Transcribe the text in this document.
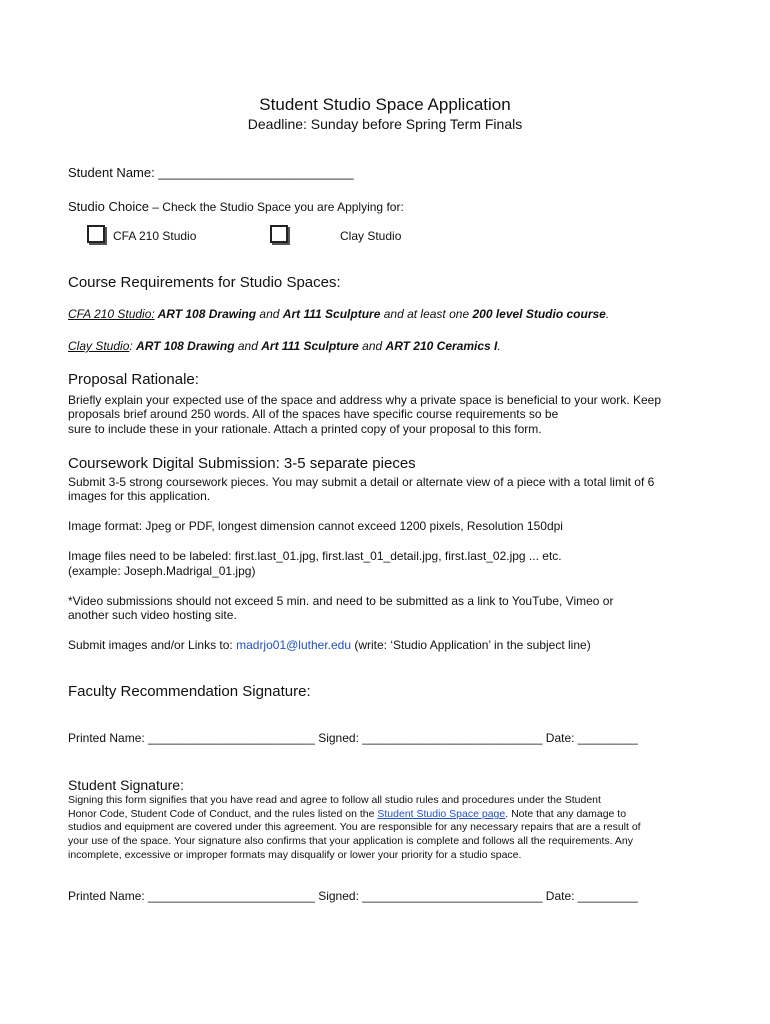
Student Studio Space Application
Deadline: Sunday before Spring Term Finals
Student Name: ___________________________
Studio Choice – Check the Studio Space you are Applying for:
CFA 210 Studio	Clay Studio
Course Requirements for Studio Spaces:
CFA 210 Studio: ART 108 Drawing and Art 111 Sculpture and at least one 200 level Studio course.
Clay Studio: ART 108 Drawing and Art 111 Sculpture and ART 210 Ceramics I.
Proposal Rationale:
Briefly explain your expected use of the space and address why a private space is beneficial to your work. Keep
proposals brief around 250 words. All of the spaces have specific course requirements so be
sure to include these in your rationale. Attach a printed copy of your proposal to this form.
Coursework Digital Submission: 3-5 separate pieces
Submit 3-5 strong coursework pieces. You may submit a detail or alternate view of a piece with a total limit of 6
images for this application.
Image format: Jpeg or PDF, longest dimension cannot exceed 1200 pixels, Resolution 150dpi
Image files need to be labeled: first.last_01.jpg, first.last_01_detail.jpg, first.last_02.jpg ... etc.
(example: Joseph.Madrigal_01.jpg)
*Video submissions should not exceed 5 min. and need to be submitted as a link to YouTube, Vimeo or
another such video hosting site.
Submit images and/or Links to: madrjo01@luther.edu (write: ‘Studio Application’ in the subject line)
Faculty Recommendation Signature:
Printed Name: _________________________ Signed: ___________________________ Date: _________
Student Signature:
Signing this form signifies that you have read and agree to follow all studio rules and procedures under the Student
Honor Code, Student Code of Conduct, and the rules listed on the Student Studio Space page. Note that any damage to
studios and equipment are covered under this agreement. You are responsible for any necessary repairs that are a result of
your use of the space. Your signature also confirms that your application is complete and follows all the requirements. Any
incomplete, excessive or improper formats may disqualify or lower your priority for a studio space.
Printed Name: _________________________ Signed: ___________________________ Date: _________
